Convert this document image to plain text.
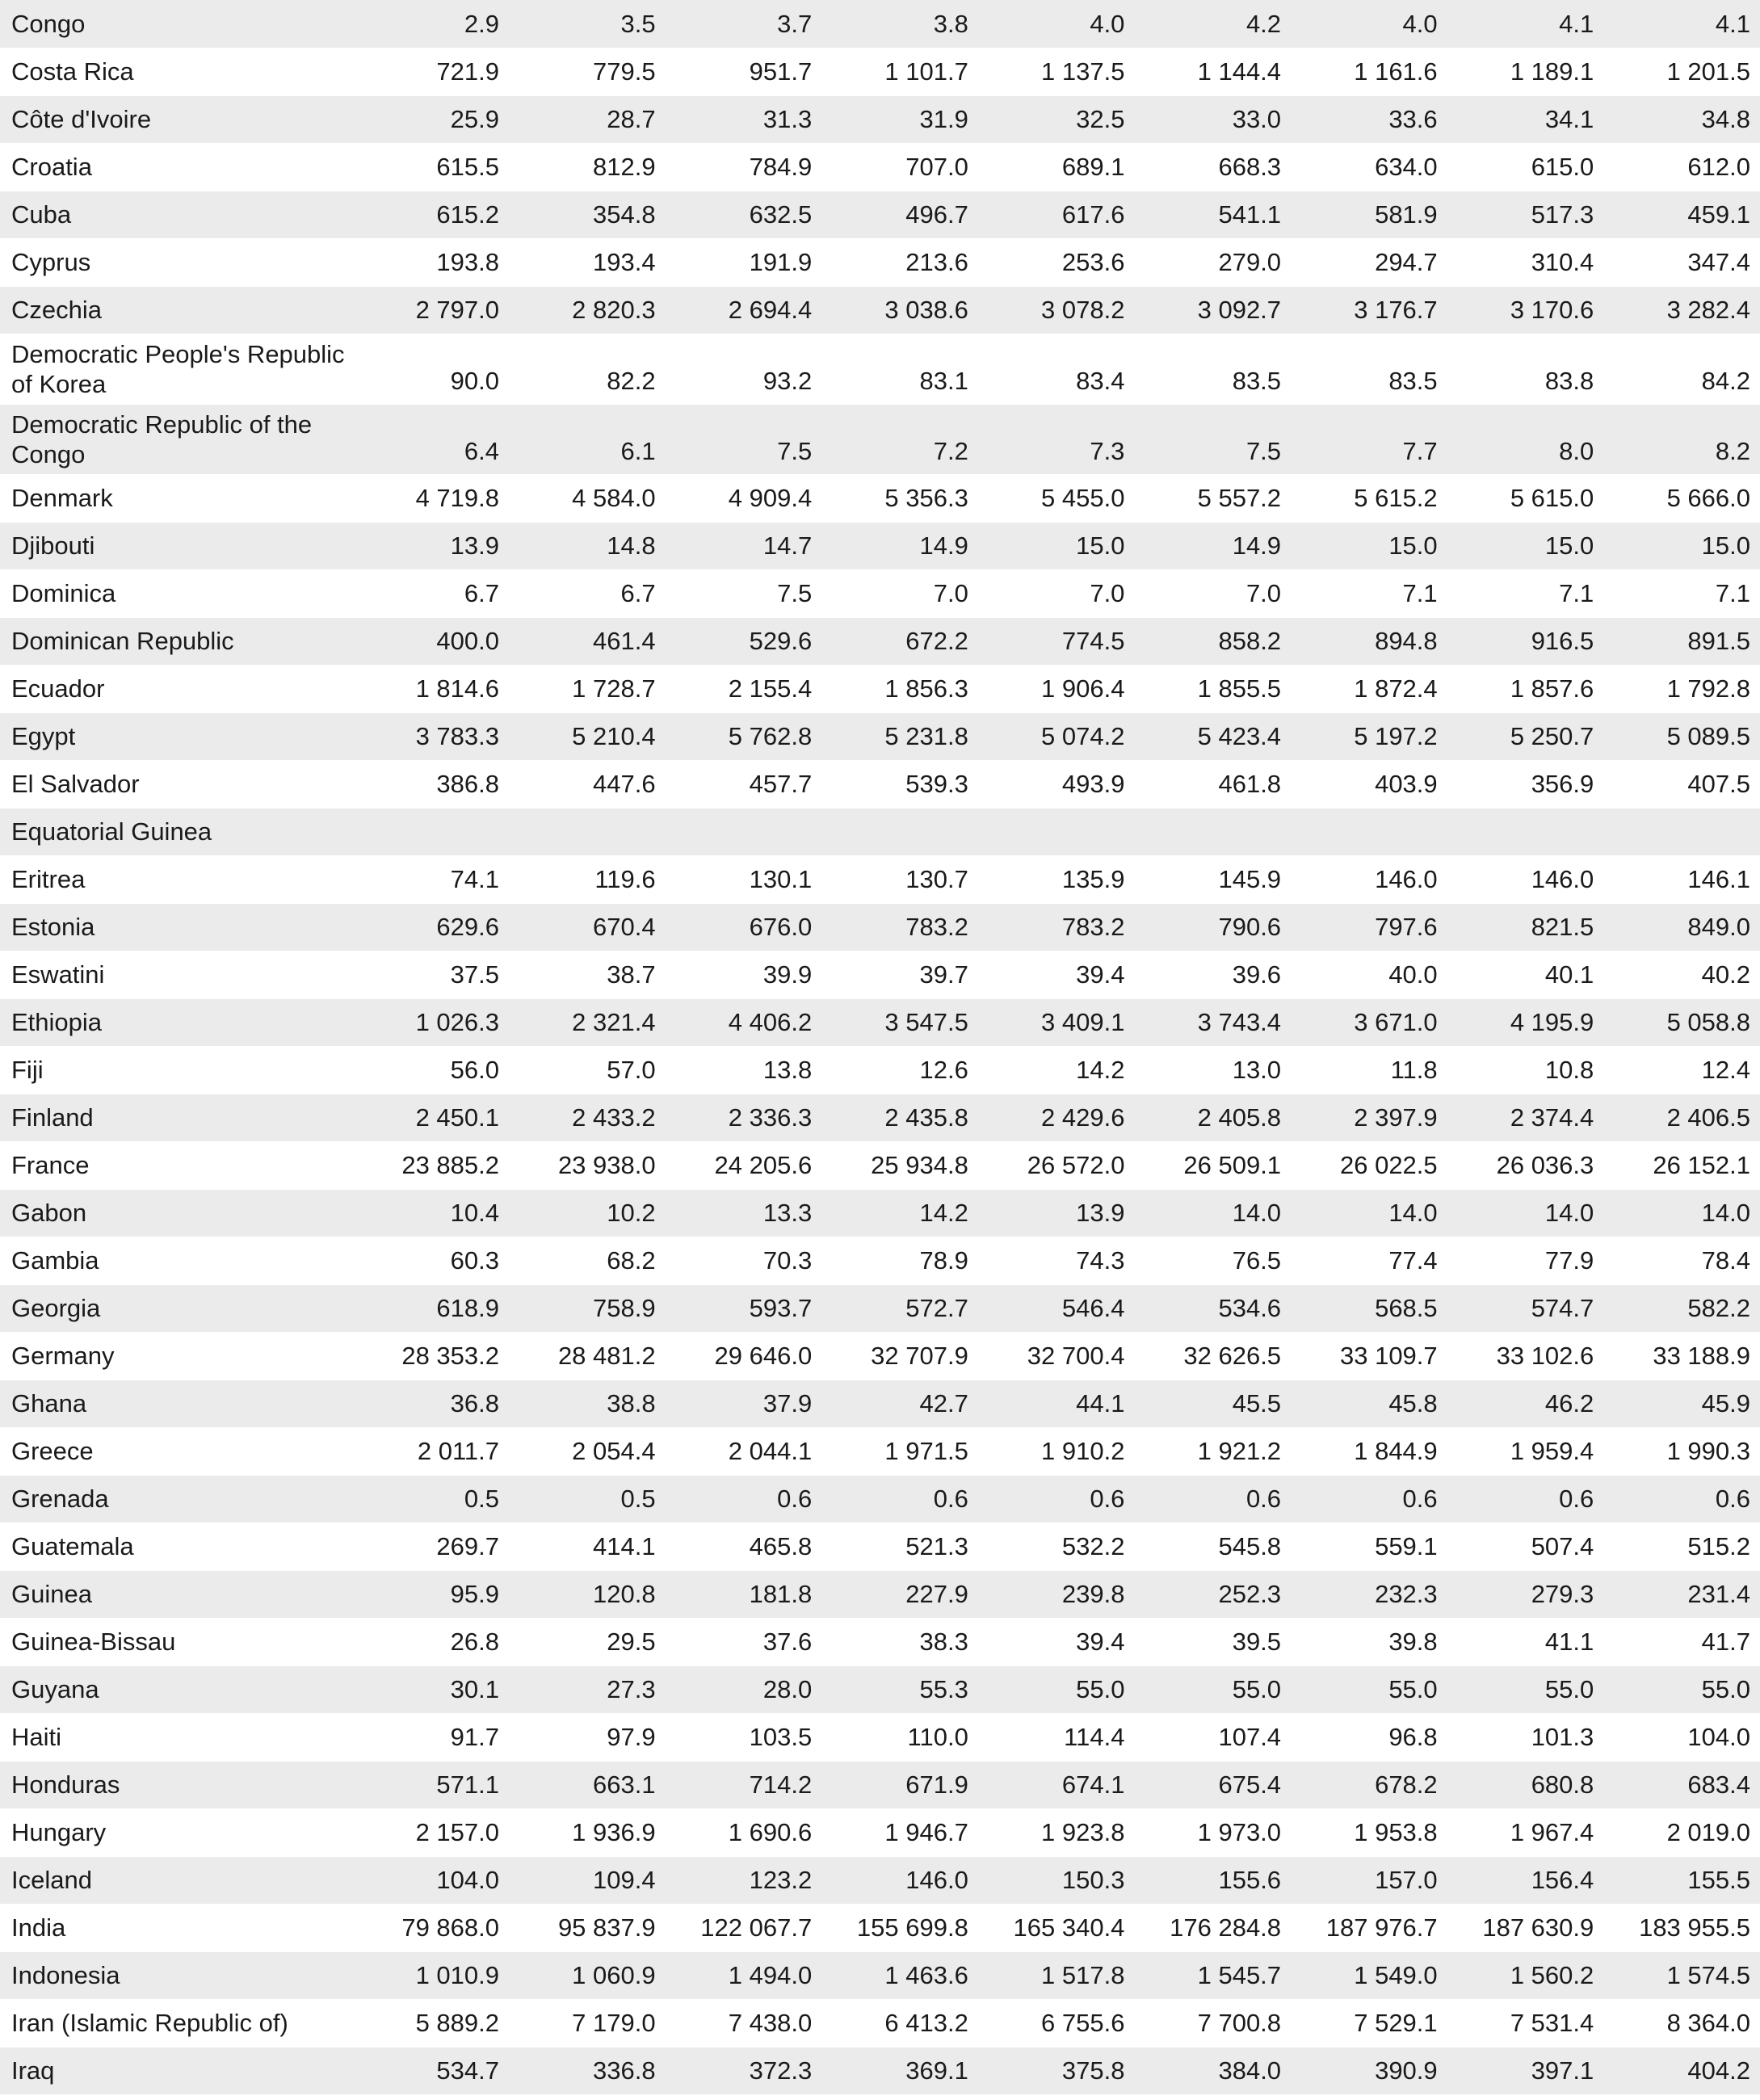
Congo	2.9	3.5	3.7	3.8	4.0	4.2	4.0	4.1	4.1
Costa Rica	721.9	779.5	951.7	1 101.7	1 137.5	1 144.4	1 161.6	1 189.1	1 201.5
Côte d'Ivoire	25.9	28.7	31.3	31.9	32.5	33.0	33.6	34.1	34.8
Croatia	615.5	812.9	784.9	707.0	689.1	668.3	634.0	615.0	612.0
Cuba	615.2	354.8	632.5	496.7	617.6	541.1	581.9	517.3	459.1
Cyprus	193.8	193.4	191.9	213.6	253.6	279.0	294.7	310.4	347.4
Czechia	2 797.0	2 820.3	2 694.4	3 038.6	3 078.2	3 092.7	3 176.7	3 170.6	3 282.4
Democratic People's Republic of Korea	90.0	82.2	93.2	83.1	83.4	83.5	83.5	83.8	84.2
Democratic Republic of the Congo	6.4	6.1	7.5	7.2	7.3	7.5	7.7	8.0	8.2
Denmark	4 719.8	4 584.0	4 909.4	5 356.3	5 455.0	5 557.2	5 615.2	5 615.0	5 666.0
Djibouti	13.9	14.8	14.7	14.9	15.0	14.9	15.0	15.0	15.0
Dominica	6.7	6.7	7.5	7.0	7.0	7.0	7.1	7.1	7.1
Dominican Republic	400.0	461.4	529.6	672.2	774.5	858.2	894.8	916.5	891.5
Ecuador	1 814.6	1 728.7	2 155.4	1 856.3	1 906.4	1 855.5	1 872.4	1 857.6	1 792.8
Egypt	3 783.3	5 210.4	5 762.8	5 231.8	5 074.2	5 423.4	5 197.2	5 250.7	5 089.5
El Salvador	386.8	447.6	457.7	539.3	493.9	461.8	403.9	356.9	407.5
Equatorial Guinea									
Eritrea	74.1	119.6	130.1	130.7	135.9	145.9	146.0	146.0	146.1
Estonia	629.6	670.4	676.0	783.2	783.2	790.6	797.6	821.5	849.0
Eswatini	37.5	38.7	39.9	39.7	39.4	39.6	40.0	40.1	40.2
Ethiopia	1 026.3	2 321.4	4 406.2	3 547.5	3 409.1	3 743.4	3 671.0	4 195.9	5 058.8
Fiji	56.0	57.0	13.8	12.6	14.2	13.0	11.8	10.8	12.4
Finland	2 450.1	2 433.2	2 336.3	2 435.8	2 429.6	2 405.8	2 397.9	2 374.4	2 406.5
France	23 885.2	23 938.0	24 205.6	25 934.8	26 572.0	26 509.1	26 022.5	26 036.3	26 152.1
Gabon	10.4	10.2	13.3	14.2	13.9	14.0	14.0	14.0	14.0
Gambia	60.3	68.2	70.3	78.9	74.3	76.5	77.4	77.9	78.4
Georgia	618.9	758.9	593.7	572.7	546.4	534.6	568.5	574.7	582.2
Germany	28 353.2	28 481.2	29 646.0	32 707.9	32 700.4	32 626.5	33 109.7	33 102.6	33 188.9
Ghana	36.8	38.8	37.9	42.7	44.1	45.5	45.8	46.2	45.9
Greece	2 011.7	2 054.4	2 044.1	1 971.5	1 910.2	1 921.2	1 844.9	1 959.4	1 990.3
Grenada	0.5	0.5	0.6	0.6	0.6	0.6	0.6	0.6	0.6
Guatemala	269.7	414.1	465.8	521.3	532.2	545.8	559.1	507.4	515.2
Guinea	95.9	120.8	181.8	227.9	239.8	252.3	232.3	279.3	231.4
Guinea-Bissau	26.8	29.5	37.6	38.3	39.4	39.5	39.8	41.1	41.7
Guyana	30.1	27.3	28.0	55.3	55.0	55.0	55.0	55.0	55.0
Haiti	91.7	97.9	103.5	110.0	114.4	107.4	96.8	101.3	104.0
Honduras	571.1	663.1	714.2	671.9	674.1	675.4	678.2	680.8	683.4
Hungary	2 157.0	1 936.9	1 690.6	1 946.7	1 923.8	1 973.0	1 953.8	1 967.4	2 019.0
Iceland	104.0	109.4	123.2	146.0	150.3	155.6	157.0	156.4	155.5
India	79 868.0	95 837.9	122 067.7	155 699.8	165 340.4	176 284.8	187 976.7	187 630.9	183 955.5
Indonesia	1 010.9	1 060.9	1 494.0	1 463.6	1 517.8	1 545.7	1 549.0	1 560.2	1 574.5
Iran (Islamic Republic of)	5 889.2	7 179.0	7 438.0	6 413.2	6 755.6	7 700.8	7 529.1	7 531.4	8 364.0
Iraq	534.7	336.8	372.3	369.1	375.8	384.0	390.9	397.1	404.2
